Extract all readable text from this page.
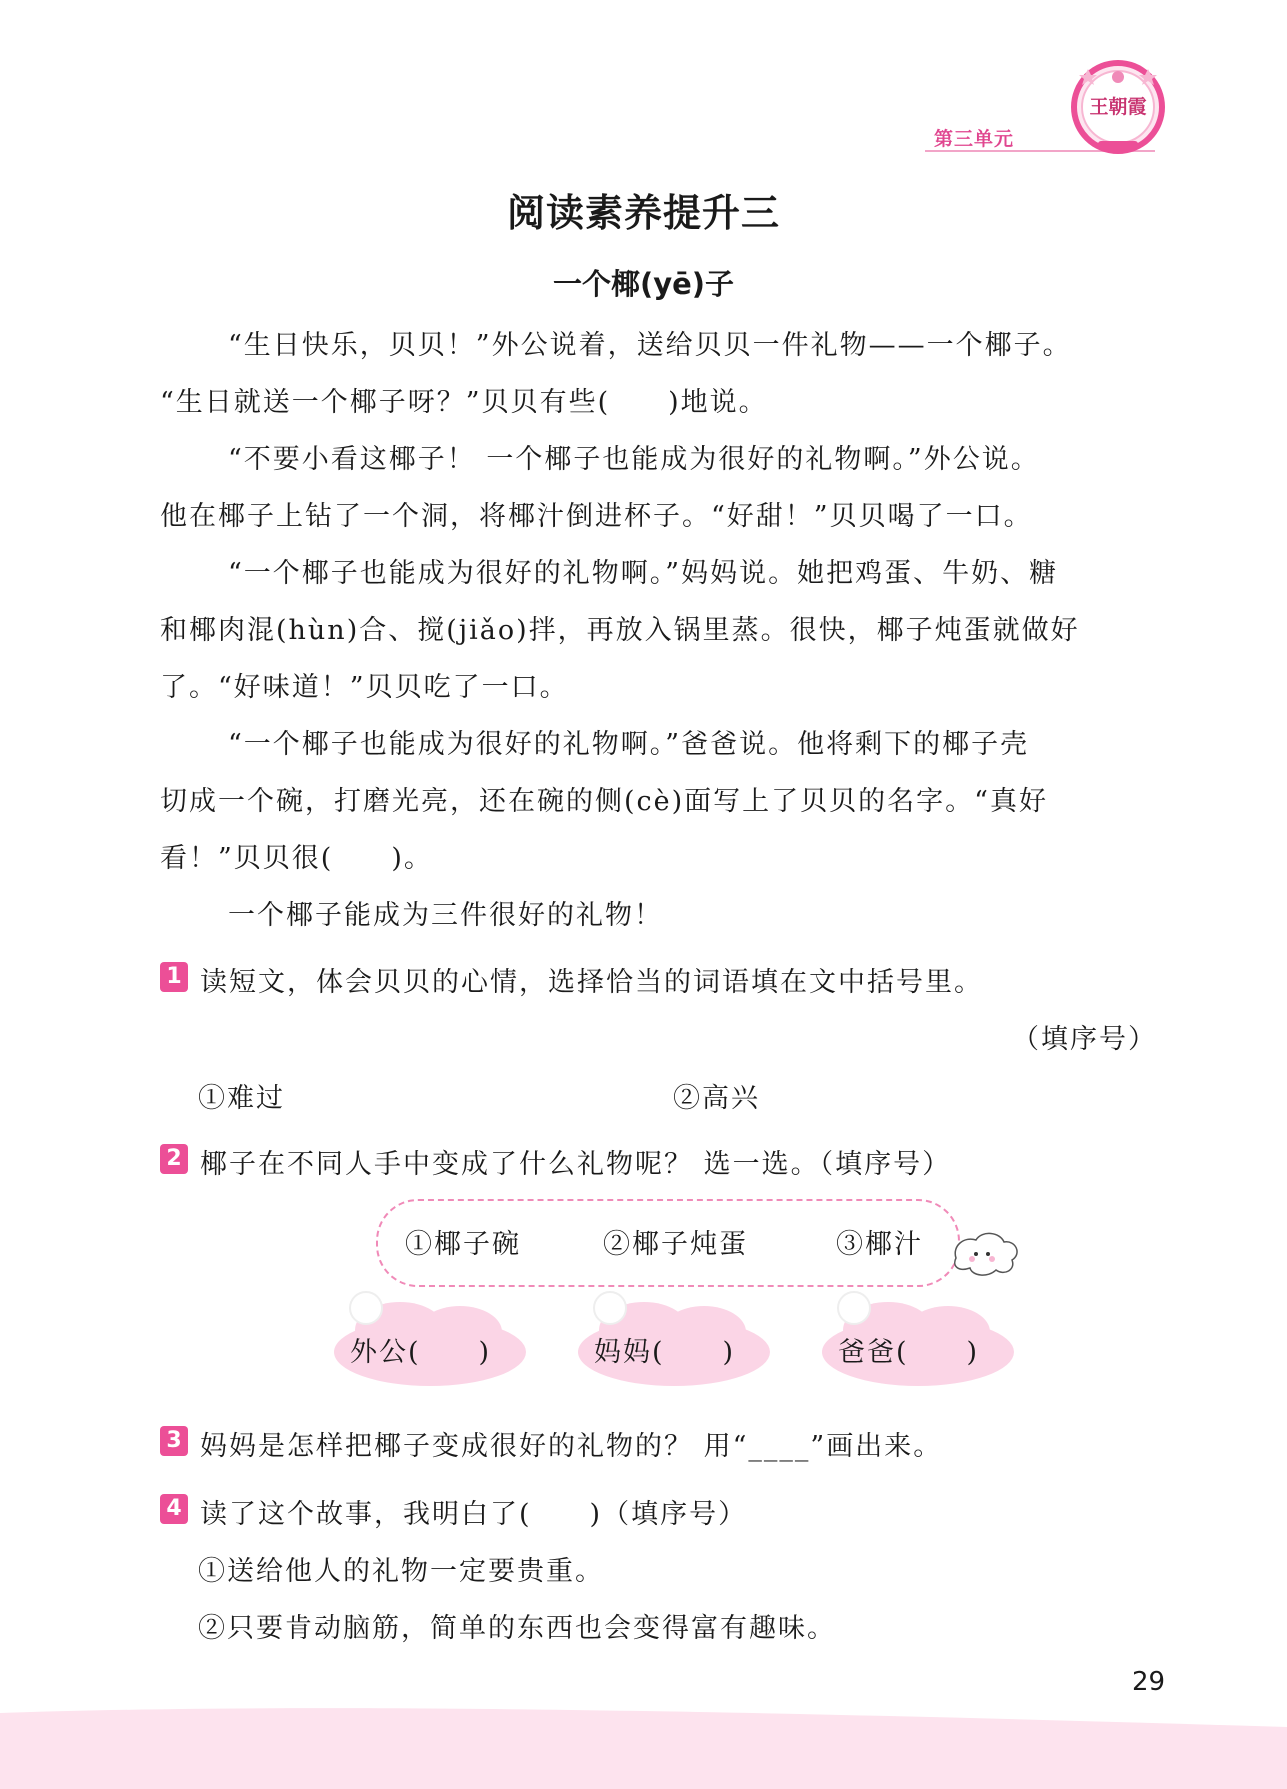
第三单元
王朝霞
阅读素养提升三
一个椰(yē)子
“生日快乐，贝贝！”外公说着，送给贝贝一件礼物——一个椰子。
“生日就送一个椰子呀？”贝贝有些(　　)地说。
“不要小看这椰子！ 一个椰子也能成为很好的礼物啊。”外公说。
他在椰子上钻了一个洞，将椰汁倒进杯子。“好甜！”贝贝喝了一口。
“一个椰子也能成为很好的礼物啊。”妈妈说。她把鸡蛋、牛奶、糖
和椰肉混(hùn)合、搅(jiǎo)拌，再放入锅里蒸。很快，椰子炖蛋就做好
了。“好味道！”贝贝吃了一口。
“一个椰子也能成为很好的礼物啊。”爸爸说。他将剩下的椰子壳
切成一个碗，打磨光亮，还在碗的侧(cè)面写上了贝贝的名字。“真好
看！”贝贝很(　　)。
一个椰子能成为三件很好的礼物！
1 读短文，体会贝贝的心情，选择恰当的词语填在文中括号里。
（填序号）
①难过	②高兴
2 椰子在不同人手中变成了什么礼物呢？ 选一选。（填序号）
①椰子碗	②椰子炖蛋	③椰汁
外公(　　)	妈妈(　　)	爸爸(　　)
3 妈妈是怎样把椰子变成很好的礼物的？ 用“____”画出来。
4 读了这个故事，我明白了(　　)（填序号）
①送给他人的礼物一定要贵重。
②只要肯动脑筋，简单的东西也会变得富有趣味。
29
